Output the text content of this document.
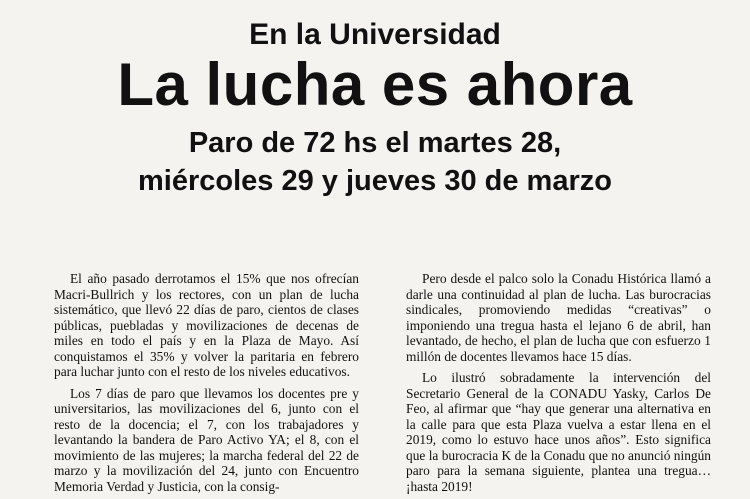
En la Universidad
La lucha es ahora
Paro de 72 hs el martes 28,
miércoles 29 y jueves 30 de marzo

El año pasado derrotamos el 15% que nos ofrecían Macri-Bullrich y los rectores, con un plan de lucha sistemático, que llevó 22 días de paro, cientos de clases públicas, puebladas y movilizaciones de decenas de miles en todo el país y en la Plaza de Mayo. Así conquistamos el 35% y volver la paritaria en febrero para luchar junto con el resto de los niveles educativos.

Los 7 días de paro que llevamos los docentes pre y universitarios, las movilizaciones del 6, junto con el resto de la docencia; el 7, con los trabajadores y levantando la bandera de Paro Activo YA; el 8, con el movimiento de las mujeres; la marcha federal del 22 de marzo y la movilización del 24, junto con Encuentro Memoria Verdad y Justicia, con la consig-

Pero desde el palco solo la Conadu Histórica llamó a darle una continuidad al plan de lucha. Las burocracias sindicales, promoviendo medidas “creativas” o imponiendo una tregua hasta el lejano 6 de abril, han levantado, de hecho, el plan de lucha que con esfuerzo 1 millón de docentes llevamos hace 15 días.

Lo ilustró sobradamente la intervención del Secretario General de la CONADU Yasky, Carlos De Feo, al afirmar que “hay que generar una alternativa en la calle para que esta Plaza vuelva a estar llena en el 2019, como lo estuvo hace unos años”. Esto significa que la burocracia K de la Conadu que no anunció ningún paro para la semana siguiente, plantea una tregua… ¡hasta 2019!
